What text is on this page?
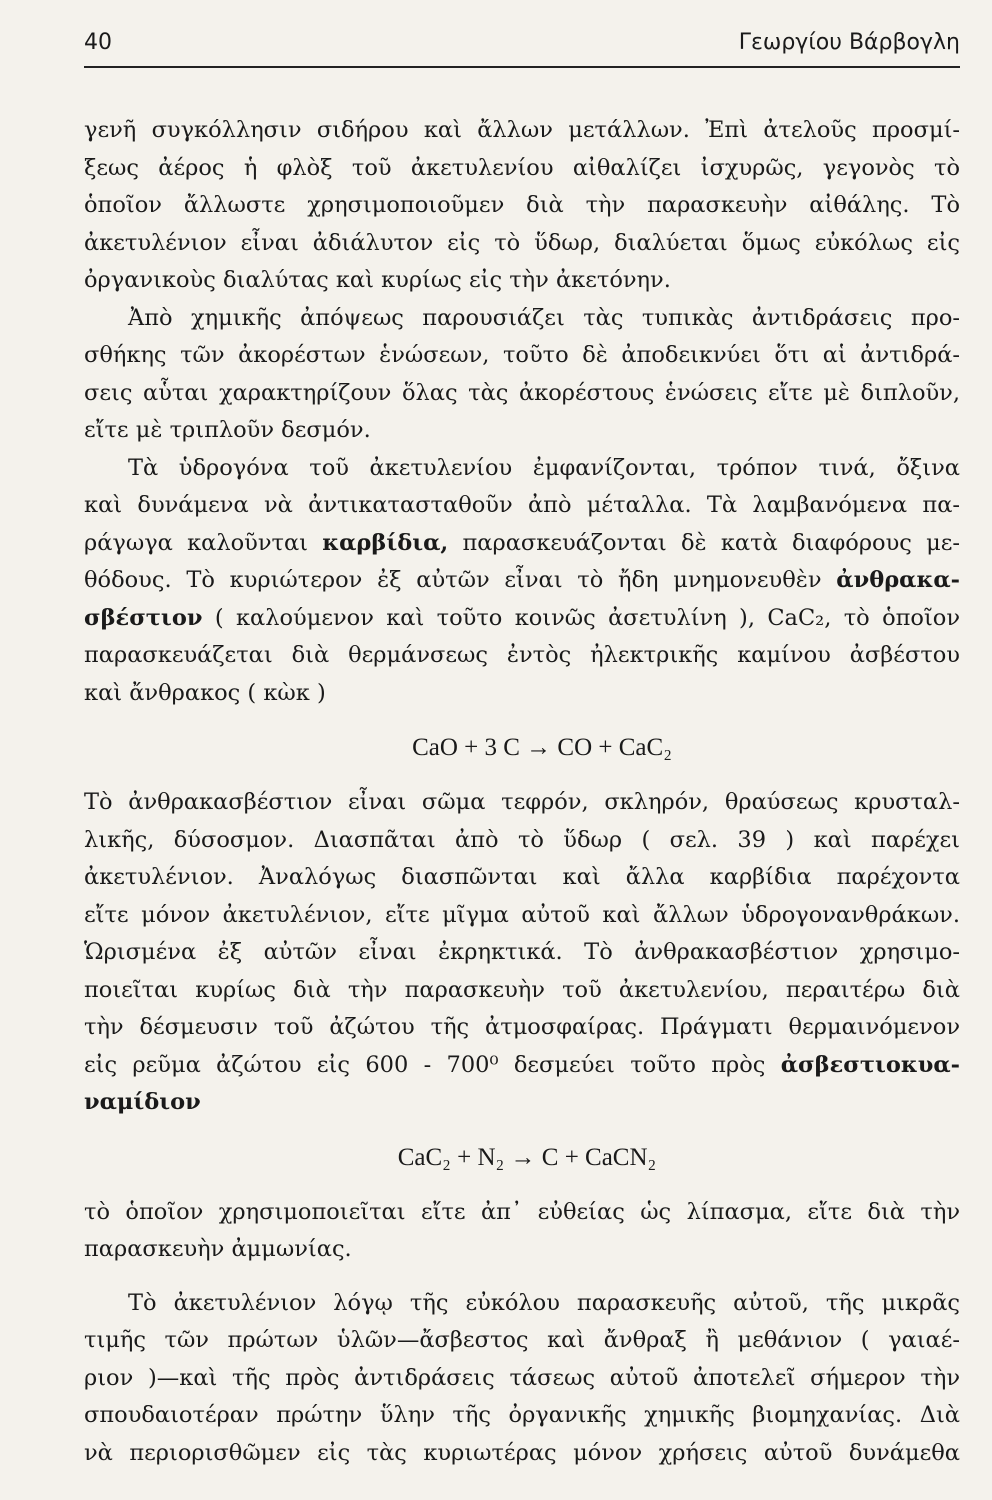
40	Γεωργίου Βάρβογλη
γενῆ συγκόλλησιν σιδήρου καὶ ἄλλων μετάλλων. Ἐπὶ ἀτελοῦς προσμί-
ξεως ἀέρος ἡ φλὸξ τοῦ ἀκετυλενίου αἰθαλίζει ἰσχυρῶς, γεγονὸς τὸ
ὁποῖον ἄλλωστε χρησιμοποιοῦμεν διὰ τὴν παρασκευὴν αἰθάλης. Τὸ
ἀκετυλένιον εἶναι ἀδιάλυτον εἰς τὸ ὕδωρ, διαλύεται ὅμως εὐκόλως εἰς
ὀργανικοὺς διαλύτας καὶ κυρίως εἰς τὴν ἀκετόνην.
Ἀπὸ χημικῆς ἀπόψεως παρουσιάζει τὰς τυπικὰς ἀντιδράσεις προ-
σθήκης τῶν ἀκορέστων ἑνώσεων, τοῦτο δὲ ἀποδεικνύει ὅτι αἱ ἀντιδρά-
σεις αὗται χαρακτηρίζουν ὅλας τὰς ἀκορέστους ἑνώσεις εἴτε μὲ διπλοῦν,
εἴτε μὲ τριπλοῦν δεσμόν.
Τὰ ὑδρογόνα τοῦ ἀκετυλενίου ἐμφανίζονται, τρόπον τινά, ὄξινα
καὶ δυνάμενα νὰ ἀντικατασταθοῦν ἀπὸ μέταλλα. Τὰ λαμβανόμενα πα-
ράγωγα καλοῦνται καρβίδια, παρασκευάζονται δὲ κατὰ διαφόρους με-
θόδους. Τὸ κυριώτερον ἐξ αὐτῶν εἶναι τὸ ἤδη μνημονευθὲν ἀνθρακα-
σβέστιον ( καλούμενον καὶ τοῦτο κοινῶς ἀσετυλίνη ), CaC₂, τὸ ὁποῖον
παρασκευάζεται διὰ θερμάνσεως ἐντὸς ἠλεκτρικῆς καμίνου ἀσβέστου
καὶ ἄνθρακος ( κὼκ )
CaO + 3 C → CO + CaC₂
Τὸ ἀνθρακασβέστιον εἶναι σῶμα τεφρόν, σκληρόν, θραύσεως κρυσταλ-
λικῆς, δύσοσμον. Διασπᾶται ἀπὸ τὸ ὕδωρ ( σελ. 39 ) καὶ παρέχει
ἀκετυλένιον. Ἀναλόγως διασπῶνται καὶ ἄλλα καρβίδια παρέχοντα
εἴτε μόνον ἀκετυλένιον, εἴτε μῖγμα αὐτοῦ καὶ ἄλλων ὑδρογονανθράκων.
Ὡρισμένα ἐξ αὐτῶν εἶναι ἐκρηκτικά. Τὸ ἀνθρακασβέστιον χρησιμο-
ποιεῖται κυρίως διὰ τὴν παρασκευὴν τοῦ ἀκετυλενίου, περαιτέρω διὰ
τὴν δέσμευσιν τοῦ ἀζώτου τῆς ἀτμοσφαίρας. Πράγματι θερμαινόμενον
εἰς ρεῦμα ἀζώτου εἰς 600 - 700⁰ δεσμεύει τοῦτο πρὸς ἀσβεστιοκυα-
ναμίδιον
CaC₂ + N₂ → C + CaCN₂
τὸ ὁποῖον χρησιμοποιεῖται εἴτε ἀπ᾽ εὐθείας ὡς λίπασμα, εἴτε διὰ τὴν
παρασκευὴν ἀμμωνίας.
Τὸ ἀκετυλένιον λόγῳ τῆς εὐκόλου παρασκευῆς αὐτοῦ, τῆς μικρᾶς
τιμῆς τῶν πρώτων ὑλῶν—ἄσβεστος καὶ ἄνθραξ ἢ μεθάνιον ( γαιαέ-
ριον )—καὶ τῆς πρὸς ἀντιδράσεις τάσεως αὐτοῦ ἀποτελεῖ σήμερον τὴν
σπουδαιοτέραν πρώτην ὕλην τῆς ὀργανικῆς χημικῆς βιομηχανίας. Διὰ
νὰ περιορισθῶμεν εἰς τὰς κυριωτέρας μόνον χρήσεις αὐτοῦ δυνάμεθα
